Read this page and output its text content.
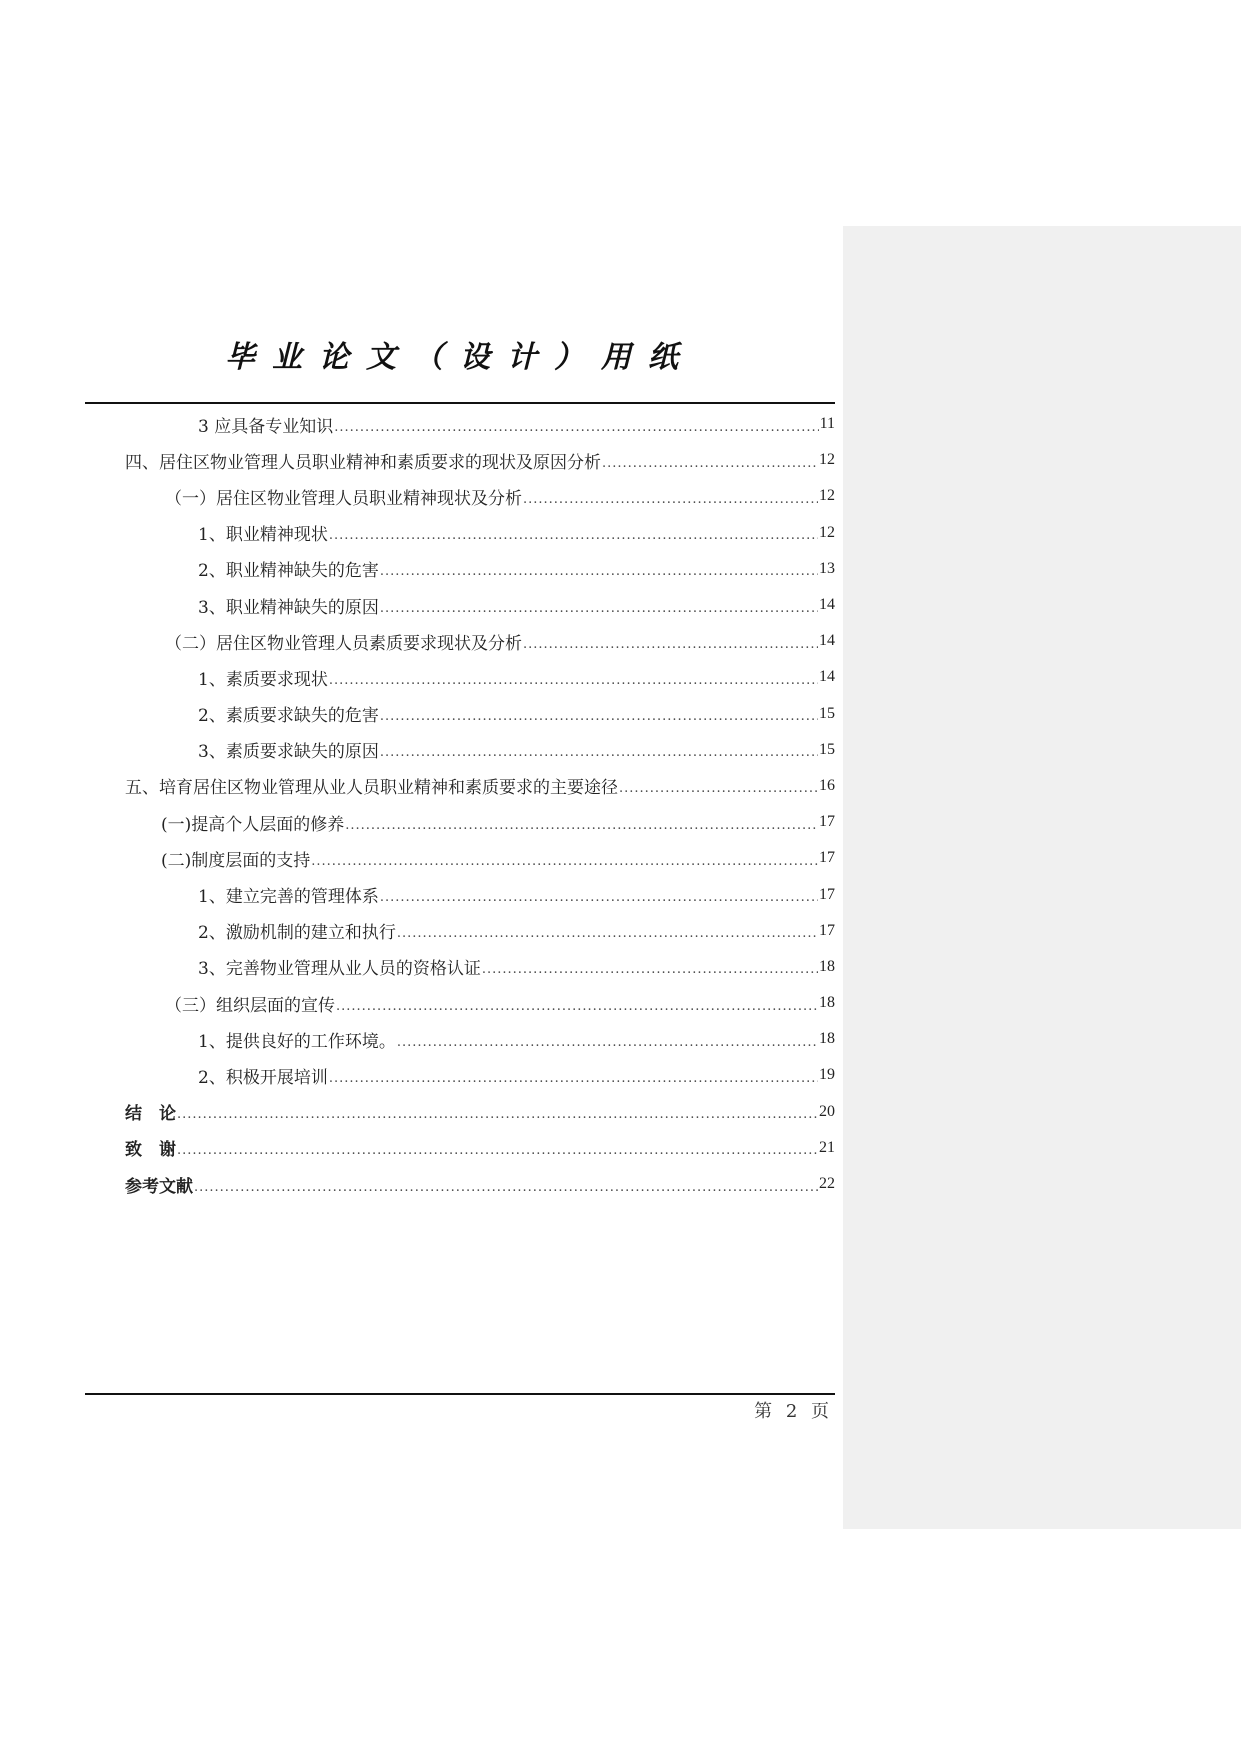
毕业论文（设计）用纸
3 应具备专业知识 .....	11
四、居住区物业管理人员职业精神和素质要求的现状及原因分析 .....	12
（一）居住区物业管理人员职业精神现状及分析 .....	12
1、职业精神现状 .....	12
2、职业精神缺失的危害 .....	13
3、职业精神缺失的原因 .....	14
（二）居住区物业管理人员素质要求现状及分析 .....	14
1、素质要求现状 .....	14
2、素质要求缺失的危害 .....	15
3、素质要求缺失的原因 .....	15
五、培育居住区物业管理从业人员职业精神和素质要求的主要途径 .....	16
(一)提高个人层面的修养 .....	17
(二)制度层面的支持 .....	17
1、建立完善的管理体系 .....	17
2、激励机制的建立和执行 .....	17
3、完善物业管理从业人员的资格认证 .....	18
（三）组织层面的宣传 .....	18
1、提供良好的工作环境。 .....	18
2、积极开展培训 .....	19
结　论 .....	20
致　谢 .....	21
参考文献 .....	22
第 2 页
